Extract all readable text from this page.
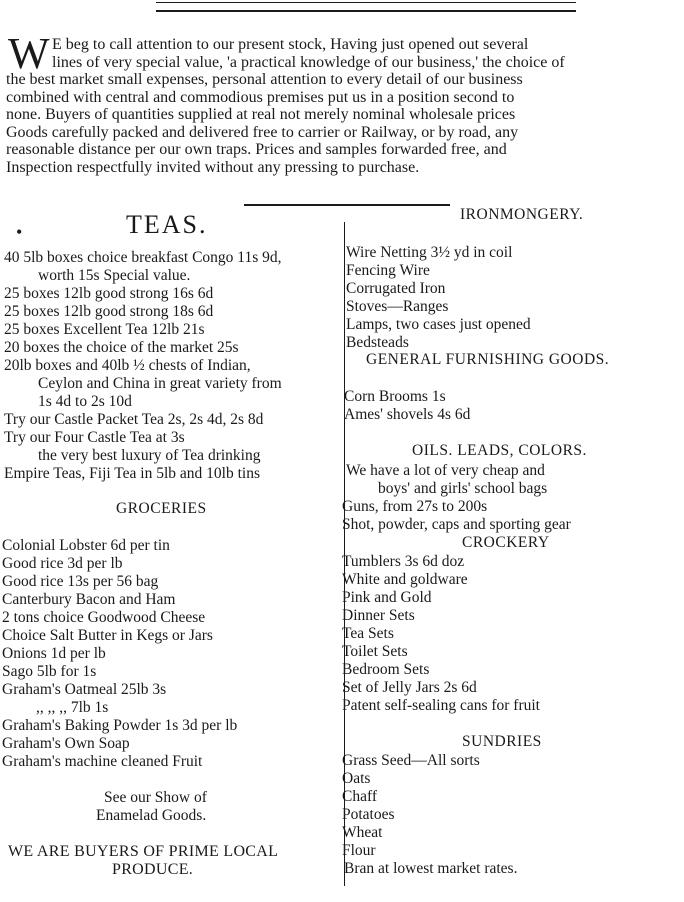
W E beg to call attention to our present stock, Having just opened out several
lines of very special value, 'a practical knowledge of our business,' the choice of
the best market small expenses, personal attention to every detail of our business
combined with central and commodious premises put us in a position second to
none. Buyers of quantities supplied at real not merely nominal wholesale prices
Goods carefully packed and delivered free to carrier or Railway, or by road, any
reasonable distance per our own traps. Prices and samples forwarded free, and
Inspection respectfully invited without any pressing to purchase.
•	TEAS.
40 5lb boxes choice breakfast Congo 11s 9d,
worth 15s Special value.
25 boxes 12lb good strong 16s 6d
25 boxes 12lb good strong 18s 6d
25 boxes Excellent Tea 12lb 21s
20 boxes the choice of the market 25s
20lb boxes and 40lb ½ chests of Indian,
Ceylon and China in great variety from
1s 4d to 2s 10d
Try our Castle Packet Tea 2s, 2s 4d, 2s 8d
Try our Four Castle Tea at 3s
the very best luxury of Tea drinking
Empire Teas, Fiji Tea in 5lb and 10lb tins
GROCERIES
Colonial Lobster 6d per tin
Good rice 3d per lb
Good rice 13s per 56 bag
Canterbury Bacon and Ham
2 tons choice Goodwood Cheese
Choice Salt Butter in Kegs or Jars
Onions 1d per lb
Sago 5lb for 1s
Graham's Oatmeal 25lb 3s
,, ,, ,, 7lb 1s
Graham's Baking Powder 1s 3d per lb
Graham's Own Soap
Graham's machine cleaned Fruit
See our Show of
Enamelad Goods.
WE ARE BUYERS OF PRIME LOCAL
PRODUCE.
IRONMONGERY.
Wire Netting 3½ yd in coil
Fencing Wire
Corrugated Iron
Stoves—Ranges
Lamps, two cases just opened
Bedsteads
GENERAL FURNISHING GOODS.
Corn Brooms 1s
Ames' shovels 4s 6d
OILS. LEADS, COLORS.
We have a lot of very cheap and
boys' and girls' school bags
Guns, from 27s to 200s
Shot, powder, caps and sporting gear
CROCKERY
Tumblers 3s 6d doz
White and goldware
Pink and Gold
Dinner Sets
Tea Sets
Toilet Sets
Bedroom Sets
Set of Jelly Jars 2s 6d
Patent self-sealing cans for fruit
SUNDRIES
Grass Seed—All sorts
Oats
Chaff
Potatoes
Wheat
Flour
Bran at lowest market rates.
